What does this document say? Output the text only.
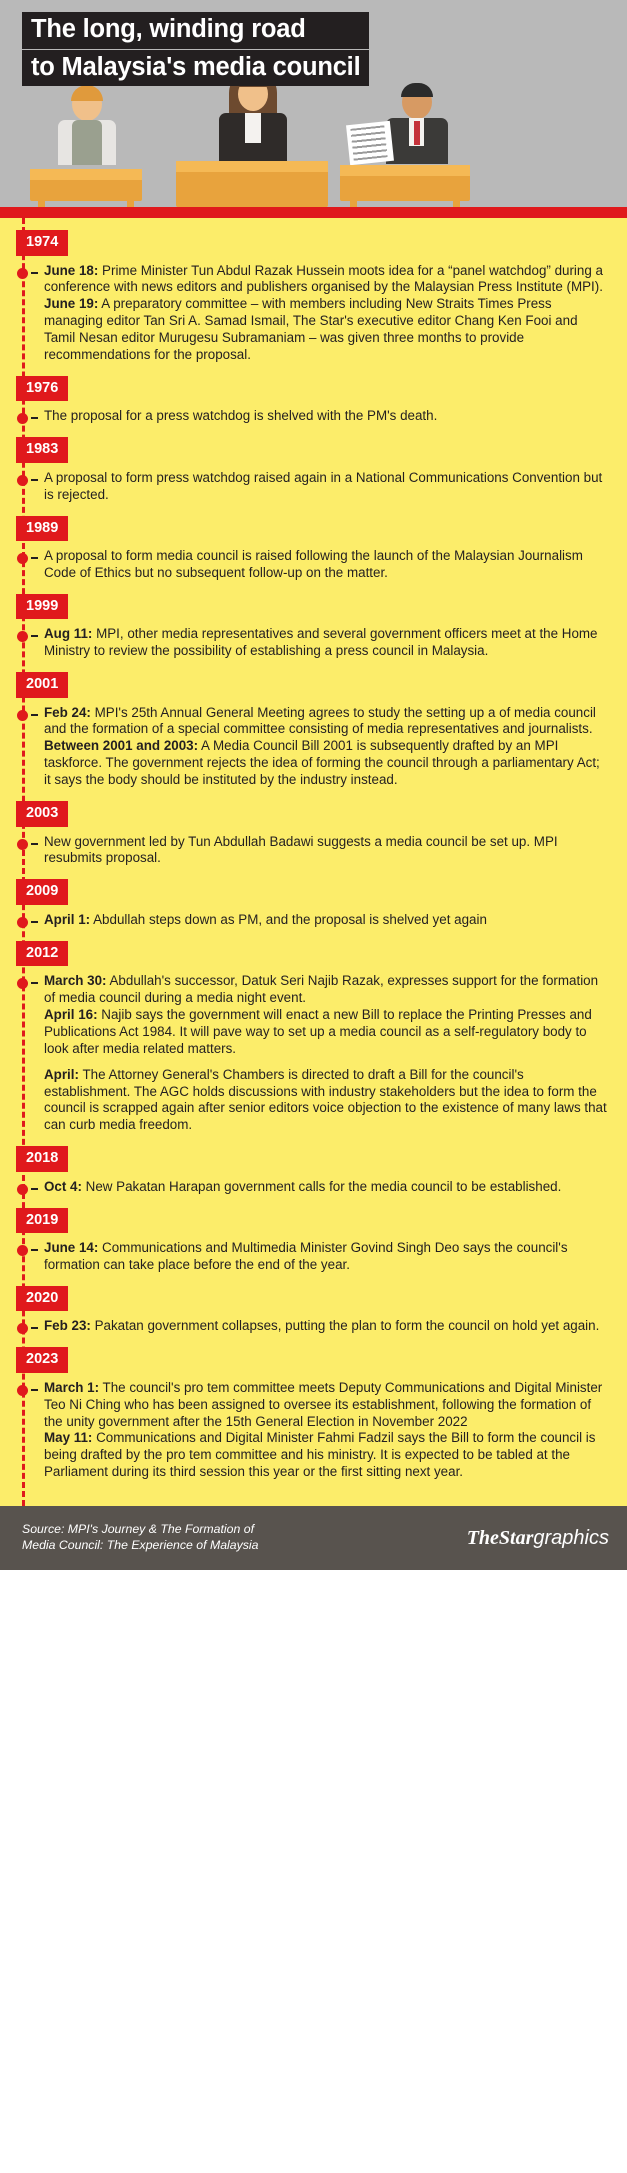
The long, winding road
to Malaysia's media council
1974

June 18: Prime Minister Tun Abdul Razak Hussein moots idea for a “panel watchdog” during a conference with news editors and publishers organised by the Malaysian Press Institute (MPI).

June 19: A preparatory committee – with members including New Straits Times Press managing editor Tan Sri A. Samad Ismail, The Star's executive editor Chang Ken Fooi and Tamil Nesan editor Murugesu Subramaniam – was given three months to provide recommendations for the proposal.

1976

The proposal for a press watchdog is shelved with the PM's death.

1983

A proposal to form press watchdog raised again in a National Communications Convention but is rejected.

1989

A proposal to form media council is raised following the launch of the Malaysian Journalism Code of Ethics but no subsequent follow-up on the matter.

1999

Aug 11: MPI, other media representatives and several government officers meet at the Home Ministry to review the possibility of establishing a press council in Malaysia.

2001

Feb 24: MPI's 25th Annual General Meeting agrees to study the setting up a of media council and the formation of a special committee consisting of media representatives and journalists.

Between 2001 and 2003: A Media Council Bill 2001 is subsequently drafted by an MPI taskforce. The government rejects the idea of forming the council through a parliamentary Act; it says the body should be instituted by the industry instead.

2003

New government led by Tun Abdullah Badawi suggests a media council be set up. MPI resubmits proposal.

2009

April 1: Abdullah steps down as PM, and the proposal is shelved yet again

2012

March 30: Abdullah's successor, Datuk Seri Najib Razak, expresses support for the formation of media council during a media night event.

April 16: Najib says the government will enact a new Bill to replace the Printing Presses and Publications Act 1984. It will pave way to set up a media council as a self-regulatory body to look after media related matters.

April: The Attorney General's Chambers is directed to draft a Bill for the council's establishment. The AGC holds discussions with industry stakeholders but the idea to form the council is scrapped again after senior editors voice objection to the existence of many laws that can curb media freedom.

2018

Oct 4: New Pakatan Harapan government calls for the media council to be established.

2019

June 14: Communications and Multimedia Minister Govind Singh Deo says the council's formation can take place before the end of the year.

2020

Feb 23: Pakatan government collapses, putting the plan to form the council on hold yet again.

2023

March 1: The council's pro tem committee meets Deputy Communications and Digital Minister Teo Ni Ching who has been assigned to oversee its establishment, following the formation of the unity government after the 15th General Election in November 2022

May 11: Communications and Digital Minister Fahmi Fadzil says the Bill to form the council is being drafted by the pro tem committee and his ministry. It is expected to be tabled at the Parliament during its third session this year or the first sitting next year.

Source: MPI's Journey & The Formation of
Media Council: The Experience of Malaysia	TheStargraphics
